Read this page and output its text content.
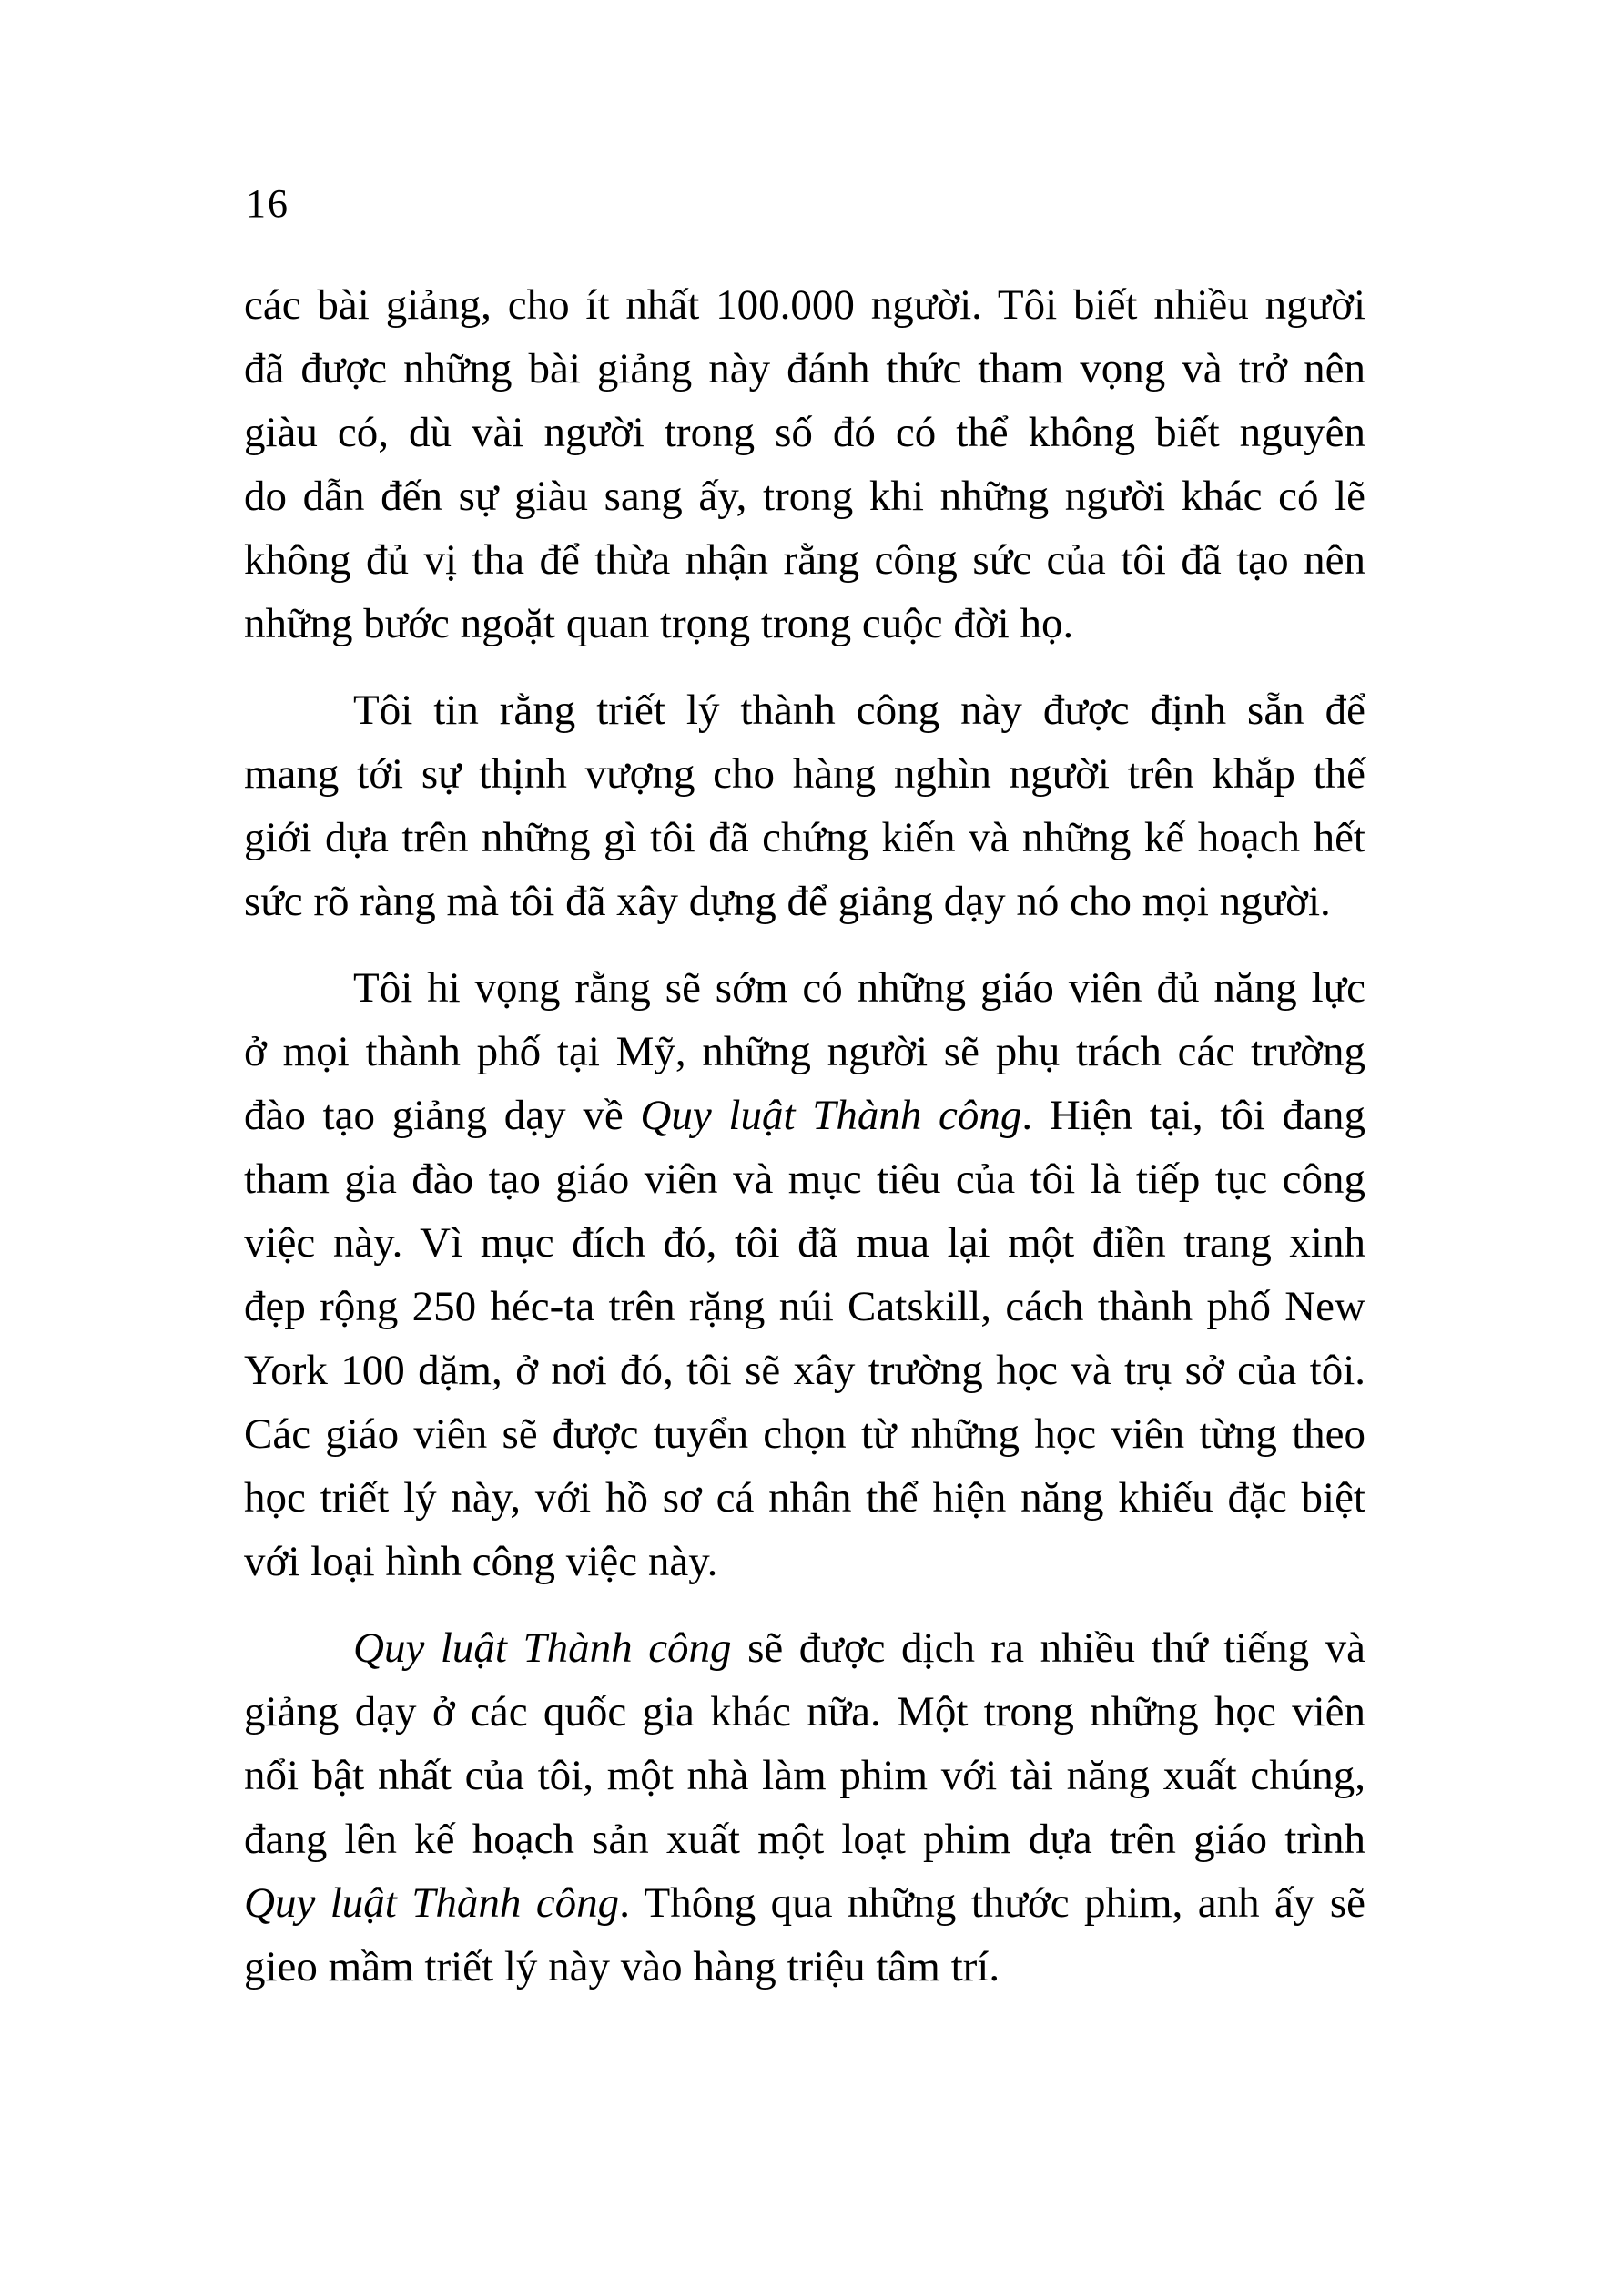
16
các bài giảng, cho ít nhất 100.000 người. Tôi biết nhiều người
đã được những bài giảng này đánh thức tham vọng và trở nên
giàu có, dù vài người trong số đó có thể không biết nguyên
do dẫn đến sự giàu sang ấy, trong khi những người khác có lẽ
không đủ vị tha để thừa nhận rằng công sức của tôi đã tạo nên
những bước ngoặt quan trọng trong cuộc đời họ.
Tôi tin rằng triết lý thành công này được định sẵn để
mang tới sự thịnh vượng cho hàng nghìn người trên khắp thế
giới dựa trên những gì tôi đã chứng kiến và những kế hoạch hết
sức rõ ràng mà tôi đã xây dựng để giảng dạy nó cho mọi người.
Tôi hi vọng rằng sẽ sớm có những giáo viên đủ năng lực
ở mọi thành phố tại Mỹ, những người sẽ phụ trách các trường
đào tạo giảng dạy về Quy luật Thành công. Hiện tại, tôi đang
tham gia đào tạo giáo viên và mục tiêu của tôi là tiếp tục công
việc này. Vì mục đích đó, tôi đã mua lại một điền trang xinh
đẹp rộng 250 héc-ta trên rặng núi Catskill, cách thành phố New
York 100 dặm, ở nơi đó, tôi sẽ xây trường học và trụ sở của tôi.
Các giáo viên sẽ được tuyển chọn từ những học viên từng theo
học triết lý này, với hồ sơ cá nhân thể hiện năng khiếu đặc biệt
với loại hình công việc này.
Quy luật Thành công sẽ được dịch ra nhiều thứ tiếng và
giảng dạy ở các quốc gia khác nữa. Một trong những học viên
nổi bật nhất của tôi, một nhà làm phim với tài năng xuất chúng,
đang lên kế hoạch sản xuất một loạt phim dựa trên giáo trình
Quy luật Thành công. Thông qua những thước phim, anh ấy sẽ
gieo mầm triết lý này vào hàng triệu tâm trí.
